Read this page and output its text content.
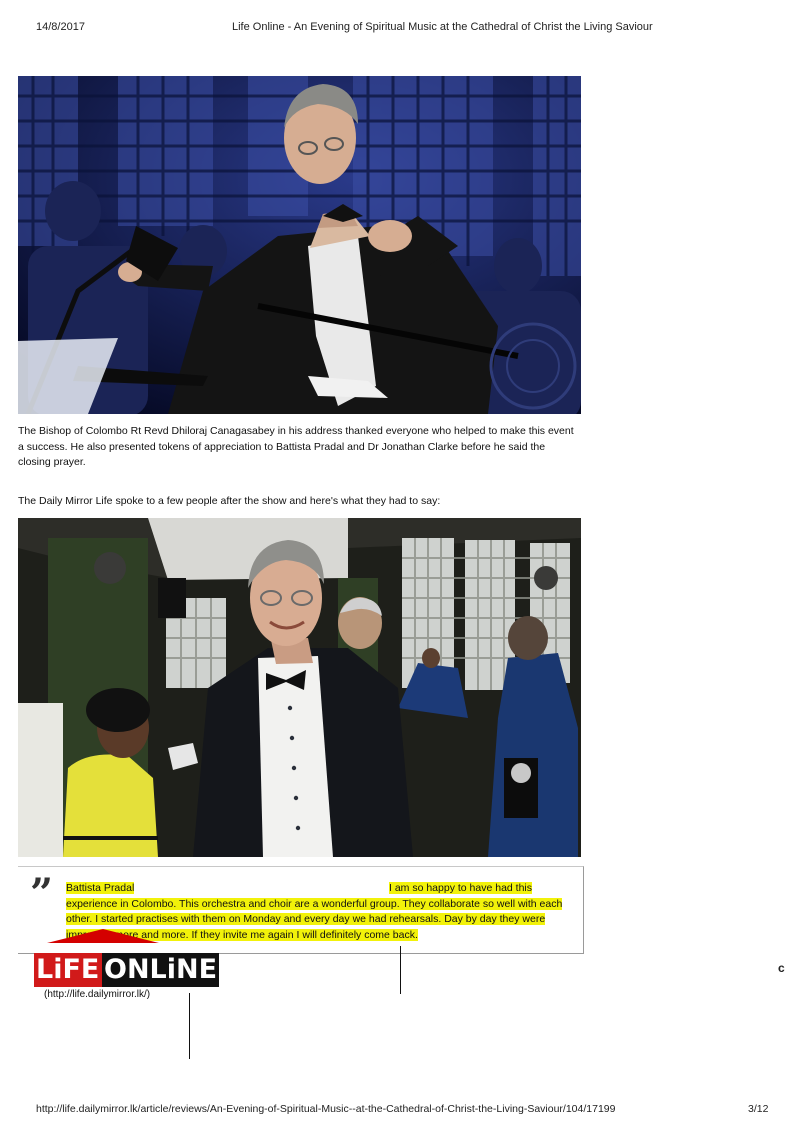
14/8/2017	Life Online - An Evening of Spiritual Music at the Cathedral of Christ the Living Saviour
The Bishop of Colombo Rt Revd Dhiloraj Canagasabey in his address thanked everyone who helped to make this event a success. He also presented tokens of appreciation to Battista Pradal and Dr Jonathan Clarke before he said the closing prayer.
The Daily Mirror Life spoke to a few people after the show and here's what they had to say:
” Battista Pradal	I am so happy to have had this experience in Colombo. This orchestra and choir are a wonderful group. They collaborate so well with each other. I started practises with them on Monday and every day we had rehearsals. Day by day they were improving more and more. If they invite me again I will definitely come back.
LiFE ONLiNE
(http://life.dailymirror.lk/)
c
http://life.dailymirror.lk/article/reviews/An-Evening-of-Spiritual-Music--at-the-Cathedral-of-Christ-the-Living-Saviour/104/17199	3/12
